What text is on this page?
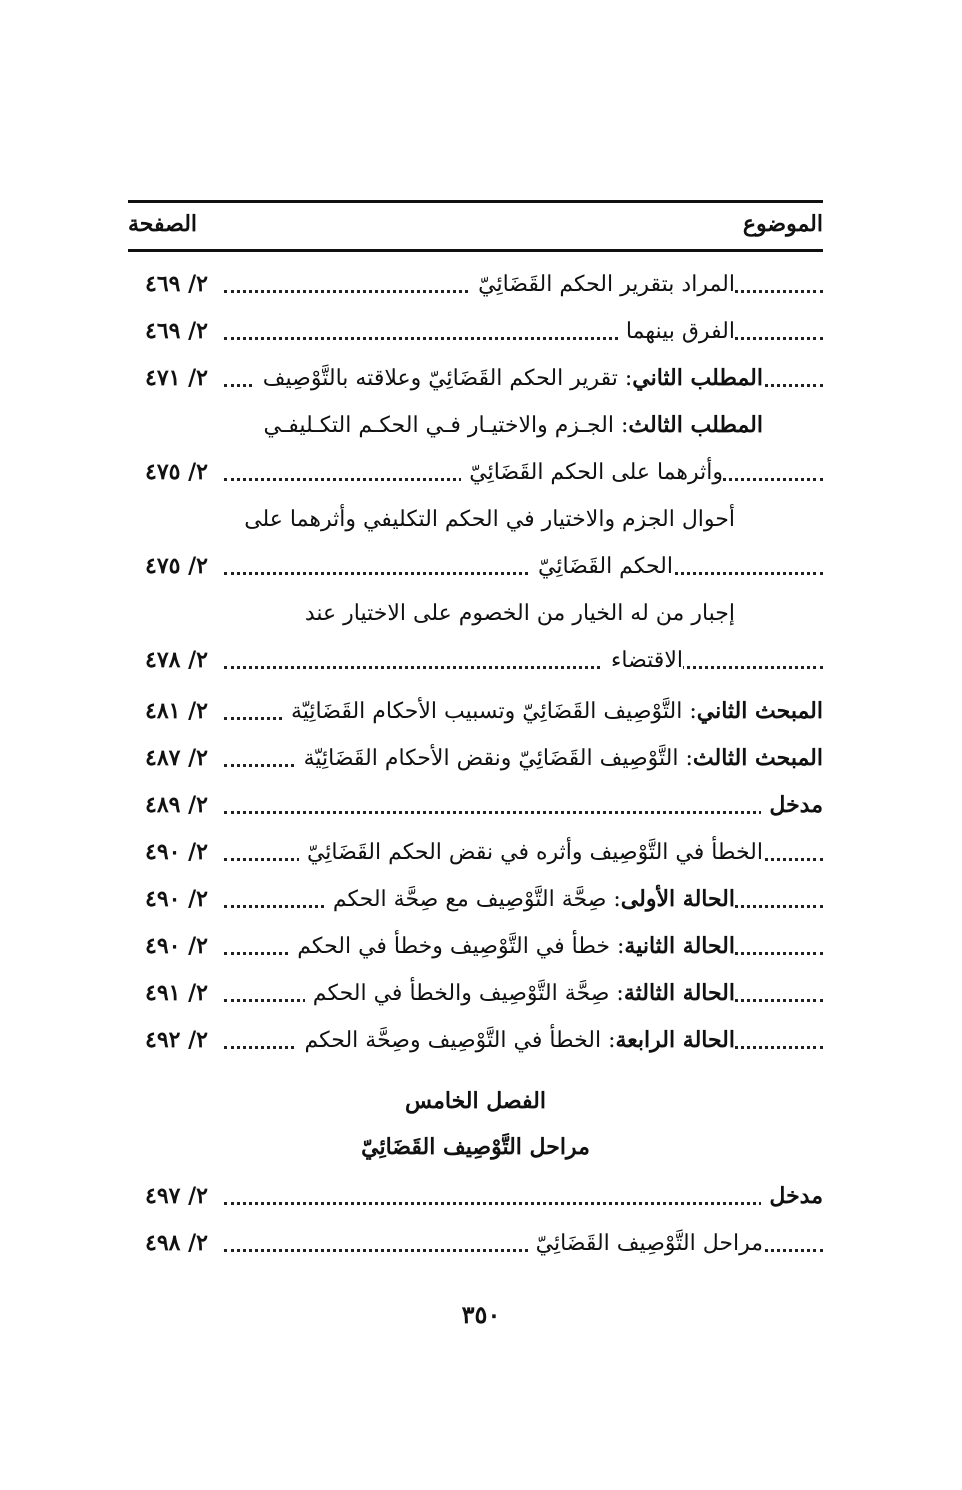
الموضوع
الصفحة
المراد بتقرير الحكم القَضَائِيّ
٢/ ٤٦٩
الفرق بينهما
٢/ ٤٦٩
المطلب الثاني: تقرير الحكم القَضَائِيّ وعلاقته بالتَّوْصِيف
٢/ ٤٧١
المطلب الثالث: الجـزم والاختيـار فـي الحكـم التكـليفـي
وأثرهما على الحكم القَضَائِيّ
٢/ ٤٧٥
أحوال الجزم والاختيار في الحكم التكليفي وأثرهما على
الحكم القَضَائِيّ
٢/ ٤٧٥
إجبار من له الخيار من الخصوم على الاختيار عند
الاقتضاء
٢/ ٤٧٨
المبحث الثاني: التَّوْصِيف القَضَائِيّ وتسبيب الأحكام القَضَائِيّة
٢/ ٤٨١
المبحث الثالث: التَّوْصِيف القَضَائِيّ ونقض الأحكام القَضَائِيّة
٢/ ٤٨٧
مدخل
٢/ ٤٨٩
الخطأ في التَّوْصِيف وأثره في نقض الحكم القَضَائِيّ
٢/ ٤٩٠
الحالة الأولى: صِحَّة التَّوْصِيف مع صِحَّة الحكم
٢/ ٤٩٠
الحالة الثانية: خطأ في التَّوْصِيف وخطأ في الحكم
٢/ ٤٩٠
الحالة الثالثة: صِحَّة التَّوْصِيف والخطأ في الحكم
٢/ ٤٩١
الحالة الرابعة: الخطأ في التَّوْصِيف وصِحَّة الحكم
٢/ ٤٩٢
الفصل الخامس
مراحل التَّوْصِيف القَضَائِيّ
مدخل
٢/ ٤٩٧
مراحل التَّوْصِيف القَضَائِيّ
٢/ ٤٩٨
٣٥٠
